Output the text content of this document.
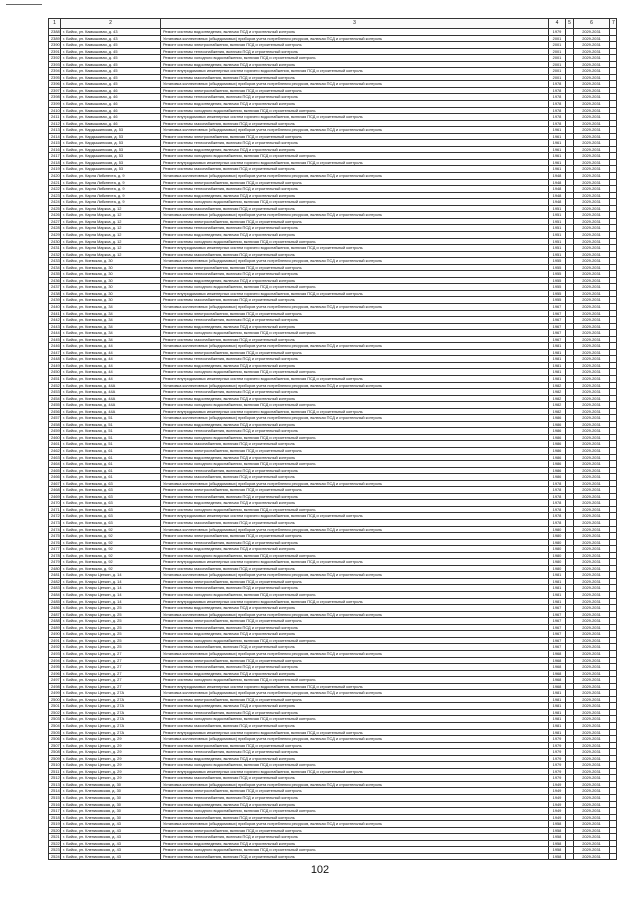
1	2	3	4	5	6	7
2388	г. Бийск, ул. Камышовая, д. 43	Ремонт системы водоотведения, включая ПСД и строительный контроль	1979		2029-2031	
2389	г. Бийск, ул. Камышовая, д. 43	Установка коллективных (общедомовых) приборов учета потребления ресурсов, включая ПСД и строительный контроль	2001		2029-2031	
2390	г. Бийск, ул. Камышовая, д. 45	Ремонт системы электроснабжения, включая ПСД и строительный контроль	2001		2029-2031	
2391	г. Бийск, ул. Камышовая, д. 45	Ремонт системы теплоснабжения, включая ПСД и строительный контроль	2001		2029-2031	
2392	г. Бийск, ул. Камышовая, д. 45	Ремонт системы холодного водоснабжения, включая ПСД и строительный контроль	2001		2029-2031	
2393	г. Бийск, ул. Камышовая, д. 45	Ремонт системы водоотведения, включая ПСД и строительный контроль	2001		2029-2031	
2394	г. Бийск, ул. Камышовая, д. 45	Ремонт внутридомовых инженерных систем горячего водоснабжения, включая ПСД и строительный контроль	2001		2029-2031	
2395	г. Бийск, ул. Камышовая, д. 45	Ремонт системы газоснабжения, включая ПСД и строительный контроль	2001		2029-2031	
2396	г. Бийск, ул. Камышовая, д. 45	Установка коллективных (общедомовых) приборов учета потребления ресурсов, включая ПСД и строительный контроль	1978		2029-2031	
2397	г. Бийск, ул. Камышовая, д. 46	Ремонт системы электроснабжения, включая ПСД и строительный контроль	1978		2029-2031	
2398	г. Бийск, ул. Камышовая, д. 46	Ремонт системы теплоснабжения, включая ПСД и строительный контроль	1978		2029-2031	
2399	г. Бийск, ул. Камышовая, д. 46	Ремонт системы водоотведения, включая ПСД и строительный контроль	1978		2029-2031	
2410	г. Бийск, ул. Камышовая, д. 46	Ремонт системы холодного водоснабжения, включая ПСД и строительный контроль	1978		2029-2031	
2411	г. Бийск, ул. Камышовая, д. 46	Ремонт внутридомовых инженерных систем горячего водоснабжения, включая ПСД и строительный контроль	1978		2029-2031	
2412	г. Бийск, ул. Камышовая, д. 46	Ремонт системы газоснабжения, включая ПСД и строительный контроль	1978		2029-2031	
2413	г. Бийск, ул. Кардышинская, д. 53	Установка коллективных (общедомовых) приборов учета потребления ресурсов, включая ПСД и строительный контроль	1961		2029-2031	
2414	г. Бийск, ул. Кардышинская, д. 53	Ремонт системы электроснабжения, включая ПСД и строительный контроль	1961		2029-2031	
2415	г. Бийск, ул. Кардышинская, д. 53	Ремонт системы теплоснабжения, включая ПСД и строительный контроль	1961		2029-2031	
2416	г. Бийск, ул. Кардышинская, д. 53	Ремонт системы водоотведения, включая ПСД и строительный контроль	1961		2029-2031	
2417	г. Бийск, ул. Кардышинская, д. 53	Ремонт системы холодного водоснабжения, включая ПСД и строительный контроль	1961		2029-2031	
2418	г. Бийск, ул. Кардышинская, д. 53	Ремонт внутридомовых инженерных систем горячего водоснабжения, включая ПСД и строительный контроль	1961		2029-2031	
2419	г. Бийск, ул. Кардышинская, д. 53	Ремонт системы газоснабжения, включая ПСД и строительный контроль	1961		2029-2031	
2420	г. Бийск, ул. Карла Либкнехта, д. 9	Установка коллективных (общедомовых) приборов учета потребления ресурсов, включая ПСД и строительный контроль	1948		2029-2031	
2421	г. Бийск, ул. Карла Либкнехта, д. 9	Ремонт системы электроснабжения, включая ПСД и строительный контроль	1948		2029-2031	
2422	г. Бийск, ул. Карла Либкнехта, д. 9	Ремонт системы теплоснабжения, включая ПСД и строительный контроль	1948		2029-2031	
2423	г. Бийск, ул. Карла Либкнехта, д. 9	Ремонт системы водоотведения, включая ПСД и строительный контроль	1948		2029-2031	
2424	г. Бийск, ул. Карла Либкнехта, д. 9	Ремонт системы холодного водоснабжения, включая ПСД и строительный контроль	1948		2029-2031	
2425	г. Бийск, ул. Карла Маркса, д. 12	Ремонт системы газоснабжения, включая ПСД и строительный контроль	1951		2029-2031	
2426	г. Бийск, ул. Карла Маркса, д. 12	Установка коллективных (общедомовых) приборов учета потребления ресурсов, включая ПСД и строительный контроль	1951		2029-2031	
2427	г. Бийск, ул. Карла Маркса, д. 12	Ремонт системы электроснабжения, включая ПСД и строительный контроль	1951		2029-2031	
2428	г. Бийск, ул. Карла Маркса, д. 12	Ремонт системы теплоснабжения, включая ПСД и строительный контроль	1951		2029-2031	
2429	г. Бийск, ул. Карла Маркса, д. 12	Ремонт системы водоотведения, включая ПСД и строительный контроль	1951		2029-2031	
2430	г. Бийск, ул. Карла Маркса, д. 12	Ремонт системы холодного водоснабжения, включая ПСД и строительный контроль	1951		2029-2031	
2431	г. Бийск, ул. Карла Маркса, д. 12	Ремонт внутридомовых инженерных систем горячего водоснабжения, включая ПСД и строительный контроль	1951		2029-2031	
2432	г. Бийск, ул. Карла Маркса, д. 12	Ремонт системы газоснабжения, включая ПСД и строительный контроль	1951		2029-2031	
2433	г. Бийск, ул. Киевская, д. 30	Установка коллективных (общедомовых) приборов учета потребления ресурсов, включая ПСД и строительный контроль	1955		2029-2031	
2434	г. Бийск, ул. Киевская, д. 30	Ремонт системы электроснабжения, включая ПСД и строительный контроль	1955		2029-2031	
2435	г. Бийск, ул. Киевская, д. 30	Ремонт системы теплоснабжения, включая ПСД и строительный контроль	1955		2029-2031	
2436	г. Бийск, ул. Киевская, д. 30	Ремонт системы водоотведения, включая ПСД и строительный контроль	1955		2029-2031	
2437	г. Бийск, ул. Киевская, д. 30	Ремонт системы холодного водоснабжения, включая ПСД и строительный контроль	1955		2029-2031	
2438	г. Бийск, ул. Киевская, д. 30	Ремонт внутридомовых инженерных систем горячего водоснабжения, включая ПСД и строительный контроль	1955		2029-2031	
2439	г. Бийск, ул. Киевская, д. 30	Ремонт системы газоснабжения, включая ПСД и строительный контроль	1955		2029-2031	
2440	г. Бийск, ул. Киевская, д. 34	Установка коллективных (общедомовых) приборов учета потребления ресурсов, включая ПСД и строительный контроль	1967		2029-2031	
2441	г. Бийск, ул. Киевская, д. 34	Ремонт системы электроснабжения, включая ПСД и строительный контроль	1967		2029-2031	
2442	г. Бийск, ул. Киевская, д. 34	Ремонт системы теплоснабжения, включая ПСД и строительный контроль	1967		2029-2031	
2443	г. Бийск, ул. Киевская, д. 34	Ремонт системы водоотведения, включая ПСД и строительный контроль	1967		2029-2031	
2444	г. Бийск, ул. Киевская, д. 34	Ремонт системы холодного водоснабжения, включая ПСД и строительный контроль	1967		2029-2031	
2445	г. Бийск, ул. Киевская, д. 34	Ремонт системы газоснабжения, включая ПСД и строительный контроль	1967		2029-2031	
2446	г. Бийск, ул. Киевская, д. 44	Установка коллективных (общедомовых) приборов учета потребления ресурсов, включая ПСД и строительный контроль	1981		2029-2031	
2447	г. Бийск, ул. Киевская, д. 44	Ремонт системы электроснабжения, включая ПСД и строительный контроль	1981		2029-2031	
2448	г. Бийск, ул. Киевская, д. 44	Ремонт системы теплоснабжения, включая ПСД и строительный контроль	1981		2029-2031	
2449	г. Бийск, ул. Киевская, д. 44	Ремонт системы водоотведения, включая ПСД и строительный контроль	1981		2029-2031	
2450	г. Бийск, ул. Киевская, д. 44	Ремонт системы холодного водоснабжения, включая ПСД и строительный контроль	1981		2029-2031	
2451	г. Бийск, ул. Киевская, д. 44	Ремонт внутридомовых инженерных систем горячего водоснабжения, включая ПСД и строительный контроль	1981		2029-2031	
2452	г. Бийск, ул. Киевская, д. 44А	Установка коллективных (общедомовых) приборов учета потребления ресурсов, включая ПСД и строительный контроль	1982		2029-2031	
2453	г. Бийск, ул. Киевская, д. 44А	Ремонт системы теплоснабжения, включая ПСД и строительный контроль	1982		2029-2031	
2454	г. Бийск, ул. Киевская, д. 44А	Ремонт системы водоотведения, включая ПСД и строительный контроль	1982		2029-2031	
2455	г. Бийск, ул. Киевская, д. 44А	Ремонт системы холодного водоснабжения, включая ПСД и строительный контроль	1982		2029-2031	
2456	г. Бийск, ул. Киевская, д. 44А	Ремонт внутридомовых инженерных систем горячего водоснабжения, включая ПСД и строительный контроль	1982		2029-2031	
2457	г. Бийск, ул. Киевская, д. 51	Установка коллективных (общедомовых) приборов учета потребления ресурсов, включая ПСД и строительный контроль	1986		2029-2031	
2458	г. Бийск, ул. Киевская, д. 51	Ремонт системы водоотведения, включая ПСД и строительный контроль	1986		2029-2031	
2459	г. Бийск, ул. Киевская, д. 51	Ремонт системы теплоснабжения, включая ПСД и строительный контроль	1986		2029-2031	
2460	г. Бийск, ул. Киевская, д. 51	Ремонт системы холодного водоснабжения, включая ПСД и строительный контроль	1986		2029-2031	
2461	г. Бийск, ул. Киевская, д. 51	Ремонт системы газоснабжения, включая ПСД и строительный контроль	1986		2029-2031	
2462	г. Бийск, ул. Киевская, д. 61	Ремонт системы электроснабжения, включая ПСД и строительный контроль	1986		2029-2031	
2463	г. Бийск, ул. Киевская, д. 61	Ремонт системы водоотведения, включая ПСД и строительный контроль	1986		2029-2031	
2464	г. Бийск, ул. Киевская, д. 61	Ремонт системы холодного водоснабжения, включая ПСД и строительный контроль	1986		2029-2031	
2465	г. Бийск, ул. Киевская, д. 61	Ремонт системы теплоснабжения, включая ПСД и строительный контроль	1986		2029-2031	
2466	г. Бийск, ул. Киевская, д. 61	Ремонт системы газоснабжения, включая ПСД и строительный контроль	1986		2029-2031	
2467	г. Бийск, ул. Киевская, д. 63	Установка коллективных (общедомовых) приборов учета потребления ресурсов, включая ПСД и строительный контроль	1978		2029-2031	
2468	г. Бийск, ул. Киевская, д. 63	Ремонт системы электроснабжения, включая ПСД и строительный контроль	1978		2029-2031	
2469	г. Бийск, ул. Киевская, д. 63	Ремонт системы теплоснабжения, включая ПСД и строительный контроль	1978		2029-2031	
2470	г. Бийск, ул. Киевская, д. 63	Ремонт системы водоотведения, включая ПСД и строительный контроль	1978		2029-2031	
2471	г. Бийск, ул. Киевская, д. 63	Ремонт системы холодного водоснабжения, включая ПСД и строительный контроль	1978		2029-2031	
2472	г. Бийск, ул. Киевская, д. 63	Ремонт внутридомовых инженерных систем горячего водоснабжения, включая ПСД и строительный контроль	1978		2029-2031	
2473	г. Бийск, ул. Киевская, д. 63	Ремонт системы газоснабжения, включая ПСД и строительный контроль	1978		2029-2031	
2474	г. Бийск, ул. Киевская, д. 92	Установка коллективных (общедомовых) приборов учета потребления ресурсов, включая ПСД и строительный контроль	1980		2029-2031	
2475	г. Бийск, ул. Киевская, д. 92	Ремонт системы электроснабжения, включая ПСД и строительный контроль	1980		2029-2031	
2476	г. Бийск, ул. Киевская, д. 92	Ремонт системы теплоснабжения, включая ПСД и строительный контроль	1980		2029-2031	
2477	г. Бийск, ул. Киевская, д. 92	Ремонт системы водоотведения, включая ПСД и строительный контроль	1980		2029-2031	
2478	г. Бийск, ул. Киевская, д. 92	Ремонт системы холодного водоснабжения, включая ПСД и строительный контроль	1980		2029-2031	
2479	г. Бийск, ул. Киевская, д. 92	Ремонт внутридомовых инженерных систем горячего водоснабжения, включая ПСД и строительный контроль	1980		2029-2031	
2480	г. Бийск, ул. Киевская, д. 92	Ремонт системы газоснабжения, включая ПСД и строительный контроль	1980		2029-2031	
2481	г. Бийск, ул. Клары Цеткин, д. 14	Установка коллективных (общедомовых) приборов учета потребления ресурсов, включая ПСД и строительный контроль	1981		2029-2031	
2482	г. Бийск, ул. Клары Цеткин, д. 14	Ремонт системы электроснабжения, включая ПСД и строительный контроль	1981		2029-2031	
2483	г. Бийск, ул. Клары Цеткин, д. 14	Ремонт системы теплоснабжения, включая ПСД и строительный контроль	1981		2029-2031	
2484	г. Бийск, ул. Клары Цеткин, д. 14	Ремонт системы холодного водоснабжения, включая ПСД и строительный контроль	1981		2029-2031	
2485	г. Бийск, ул. Клары Цеткин, д. 14	Ремонт внутридомовых инженерных систем горячего водоснабжения, включая ПСД и строительный контроль	1981		2029-2031	
2486	г. Бийск, ул. Клары Цеткин, д. 25	Ремонт системы водоотведения, включая ПСД и строительный контроль	1967		2029-2031	
2487	г. Бийск, ул. Клары Цеткин, д. 25	Установка коллективных (общедомовых) приборов учета потребления ресурсов, включая ПСД и строительный контроль	1967		2029-2031	
2488	г. Бийск, ул. Клары Цеткин, д. 25	Ремонт системы электроснабжения, включая ПСД и строительный контроль	1967		2029-2031	
2489	г. Бийск, ул. Клары Цеткин, д. 25	Ремонт системы теплоснабжения, включая ПСД и строительный контроль	1967		2029-2031	
2490	г. Бийск, ул. Клары Цеткин, д. 25	Ремонт системы водоотведения, включая ПСД и строительный контроль	1967		2029-2031	
2491	г. Бийск, ул. Клары Цеткин, д. 25	Ремонт системы холодного водоснабжения, включая ПСД и строительный контроль	1967		2029-2031	
2492	г. Бийск, ул. Клары Цеткин, д. 25	Ремонт системы газоснабжения, включая ПСД и строительный контроль	1967		2029-2031	
2493	г. Бийск, ул. Клары Цеткин, д. 27	Установка коллективных (общедомовых) приборов учета потребления ресурсов, включая ПСД и строительный контроль	1968		2029-2031	
2494	г. Бийск, ул. Клары Цеткин, д. 27	Ремонт системы электроснабжения, включая ПСД и строительный контроль	1968		2029-2031	
2495	г. Бийск, ул. Клары Цеткин, д. 27	Ремонт системы теплоснабжения, включая ПСД и строительный контроль	1968		2029-2031	
2496	г. Бийск, ул. Клары Цеткин, д. 27	Ремонт системы водоотведения, включая ПСД и строительный контроль	1968		2029-2031	
2497	г. Бийск, ул. Клары Цеткин, д. 27	Ремонт системы холодного водоснабжения, включая ПСД и строительный контроль	1968		2029-2031	
2498	г. Бийск, ул. Клары Цеткин, д. 27	Ремонт внутридомовых инженерных систем горячего водоснабжения, включая ПСД и строительный контроль	1968		2029-2031	
2499	г. Бийск, ул. Клары Цеткин, д. 27А	Установка коллективных (общедомовых) приборов учета потребления ресурсов, включая ПСД и строительный контроль	1981		2029-2031	
2500	г. Бийск, ул. Клары Цеткин, д. 27А	Ремонт системы электроснабжения, включая ПСД и строительный контроль	1981		2029-2031	
2501	г. Бийск, ул. Клары Цеткин, д. 27А	Ремонт системы водоотведения, включая ПСД и строительный контроль	1981		2029-2031	
2502	г. Бийск, ул. Клары Цеткин, д. 27А	Ремонт системы теплоснабжения, включая ПСД и строительный контроль	1981		2029-2031	
2503	г. Бийск, ул. Клары Цеткин, д. 27А	Ремонт системы холодного водоснабжения, включая ПСД и строительный контроль	1981		2029-2031	
2504	г. Бийск, ул. Клары Цеткин, д. 27А	Ремонт системы газоснабжения, включая ПСД и строительный контроль	1981		2029-2031	
2505	г. Бийск, ул. Клары Цеткин, д. 27А	Ремонт внутридомовых инженерных систем горячего водоснабжения, включая ПСД и строительный контроль	1981		2029-2031	
2506	г. Бийск, ул. Клары Цеткин, д. 29	Установка коллективных (общедомовых) приборов учета потребления ресурсов, включая ПСД и строительный контроль	1979		2029-2031	
2507	г. Бийск, ул. Клары Цеткин, д. 29	Ремонт системы электроснабжения, включая ПСД и строительный контроль	1979		2029-2031	
2508	г. Бийск, ул. Клары Цеткин, д. 29	Ремонт системы теплоснабжения, включая ПСД и строительный контроль	1979		2029-2031	
2509	г. Бийск, ул. Клары Цеткин, д. 29	Ремонт системы водоотведения, включая ПСД и строительный контроль	1979		2029-2031	
2510	г. Бийск, ул. Клары Цеткин, д. 29	Ремонт системы холодного водоснабжения, включая ПСД и строительный контроль	1979		2029-2031	
2511	г. Бийск, ул. Клары Цеткин, д. 29	Ремонт внутридомовых инженерных систем горячего водоснабжения, включая ПСД и строительный контроль	1979		2029-2031	
2512	г. Бийск, ул. Клары Цеткин, д. 29	Ремонт системы газоснабжения, включая ПСД и строительный контроль	1979		2029-2031	
2513	г. Бийск, ул. Клепиковская, д. 30	Установка коллективных (общедомовых) приборов учета потребления ресурсов, включая ПСД и строительный контроль	1949		2029-2031	
2514	г. Бийск, ул. Клепиковская, д. 30	Ремонт системы электроснабжения, включая ПСД и строительный контроль	1949		2029-2031	
2515	г. Бийск, ул. Клепиковская, д. 30	Ремонт системы теплоснабжения, включая ПСД и строительный контроль	1949		2029-2031	
2516	г. Бийск, ул. Клепиковская, д. 30	Ремонт системы водоотведения, включая ПСД и строительный контроль	1949		2029-2031	
2517	г. Бийск, ул. Клепиковская, д. 30	Ремонт системы холодного водоснабжения, включая ПСД и строительный контроль	1949		2029-2031	
2518	г. Бийск, ул. Клепиковская, д. 30	Ремонт системы газоснабжения, включая ПСД и строительный контроль	1949		2029-2031	
2519	г. Бийск, ул. Клепиковская, д. 43	Установка коллективных (общедомовых) приборов учета потребления ресурсов, включая ПСД и строительный контроль	1958		2029-2031	
2520	г. Бийск, ул. Клепиковская, д. 43	Ремонт системы электроснабжения, включая ПСД и строительный контроль	1958		2029-2031	
2521	г. Бийск, ул. Клепиковская, д. 43	Ремонт системы теплоснабжения, включая ПСД и строительный контроль	1958		2029-2031	
2522	г. Бийск, ул. Клепиковская, д. 43	Ремонт системы водоотведения, включая ПСД и строительный контроль	1958		2029-2031	
2523	г. Бийск, ул. Клепиковская, д. 43	Ремонт системы холодного водоснабжения, включая ПСД и строительный контроль	1958		2029-2031	
2524	г. Бийск, ул. Клепиковская, д. 43	Ремонт системы газоснабжения, включая ПСД и строительный контроль	1958		2029-2031	
102
